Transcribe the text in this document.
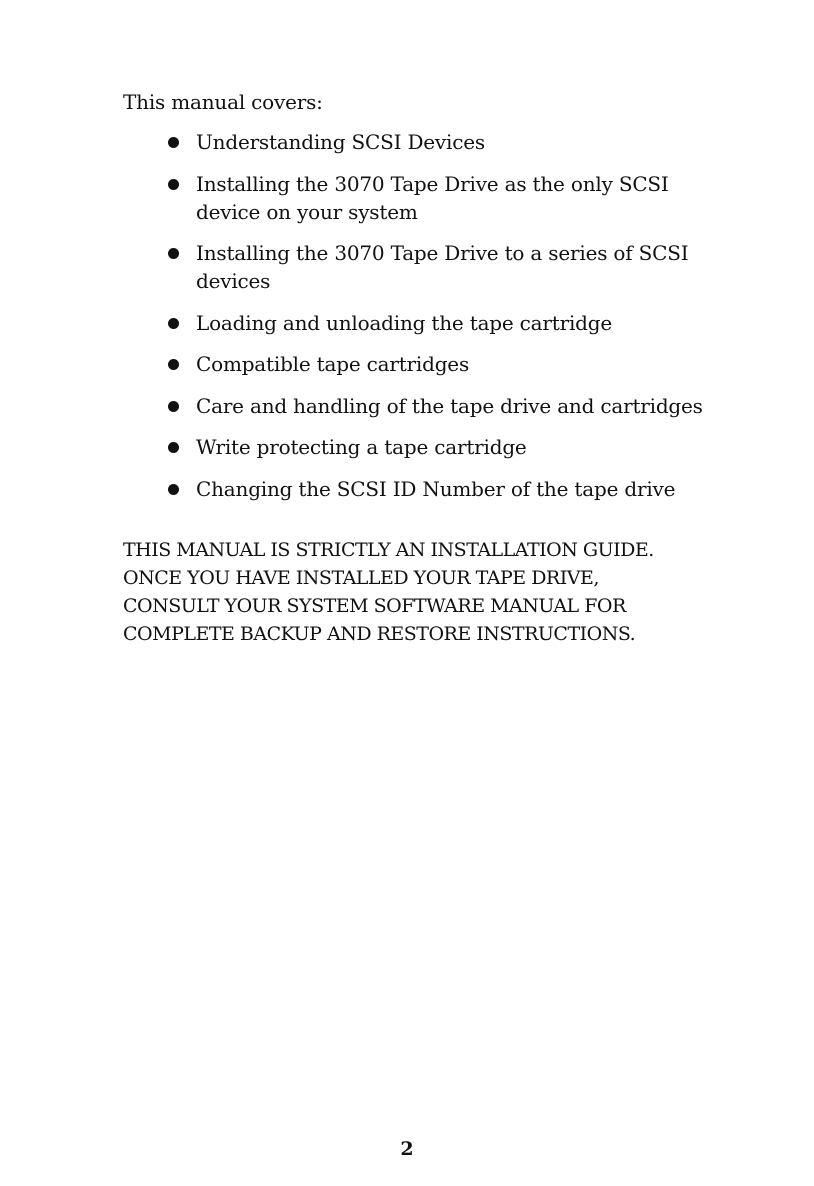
This manual covers:
Understanding SCSI Devices
Installing the 3070 Tape Drive as the only SCSI device on your system
Installing the 3070 Tape Drive to a series of SCSI devices
Loading and unloading the tape cartridge
Compatible tape cartridges
Care and handling of the tape drive and cartridges
Write protecting a tape cartridge
Changing the SCSI ID Number of the tape drive
THIS MANUAL IS STRICTLY AN INSTALLATION GUIDE.
ONCE YOU HAVE INSTALLED YOUR TAPE DRIVE,
CONSULT YOUR SYSTEM SOFTWARE MANUAL FOR
COMPLETE BACKUP AND RESTORE INSTRUCTIONS.
2
